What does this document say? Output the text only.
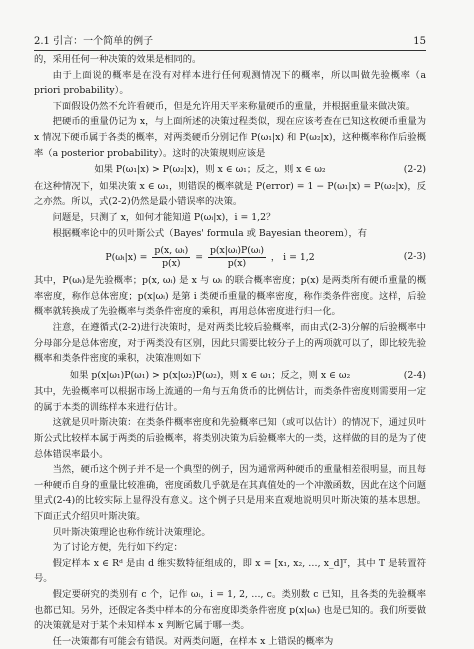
2.1 引言：一个简单的例子	15

的，采用任何一种决策的效果是相同的。

由于上面说的概率是在没有对样本进行任何观测情况下的概率，所以叫做先验概率（a priori probability）。

下面假设仍然不允许看硬币，但是允许用天平来称量硬币的重量，并根据重量来做决策。

把硬币的重量仍记为 x，与上面所述的决策过程类似，现在应该考查在已知这枚硬币重量为 x 情况下硬币属于各类的概率，对两类硬币分别记作 P(ω₁|x) 和 P(ω₂|x)，这种概率称作后验概率（a posterior probability）。这时的决策规则应该是

如果 P(ω₁|x) > P(ω₂|x)，则 x ∈ ω₁；反之，则 x ∈ ω₂	(2-2)

在这种情况下，如果决策 x ∈ ω₁，则错误的概率就是 P(error) = 1 − P(ω₁|x) = P(ω₂|x)，反之亦然。所以，式(2-2)仍然是最小错误率的决策。

问题是，只测了 x，如何才能知道 P(ωᵢ|x)，i = 1,2？

根据概率论中的贝叶斯公式（Bayes' formula 或 Bayesian theorem），有

P(ωᵢ|x) = $\frac{\text{p(x, ωᵢ)}}{p(x)} = \frac{\text{p(x|ωᵢ)P(ωᵢ)}}{p(x)}$ ， i = 1,2	(2-3)

其中，P(ωᵢ)是先验概率；p(x, ωᵢ) 是 x 与 ωᵢ 的联合概率密度；p(x) 是两类所有硬币重量的概率密度，称作总体密度；p(x|ωᵢ) 是第 i 类硬币重量的概率密度，称作类条件密度。这样，后验概率就转换成了先验概率与类条件密度的乘积，再用总体密度进行归一化。

注意，在遵循式(2-2)进行决策时，是对两类比较后验概率，而由式(2-3)分解的后验概率中分母部分是总体密度，对于两类没有区别，因此只需要比较分子上的两项就可以了，即比较先验概率和类条件密度的乘积，决策准则如下

如果 p(x|ω₁)P(ω₁) > p(x|ω₂)P(ω₂)，则 x ∈ ω₁；反之，则 x ∈ ω₂	(2-4)

其中，先验概率可以根据市场上流通的一角与五角货币的比例估计，而类条件密度则需要用一定的属于本类的训练样本来进行估计。

这就是贝叶斯决策：在类条件概率密度和先验概率已知（或可以估计）的情况下，通过贝叶斯公式比较样本属于两类的后验概率，将类别决策为后验概率大的一类，这样做的目的是为了使总体错误率最小。

当然，硬币这个例子并不是一个典型的例子，因为通常两种硬币的重量相差很明显，而且每一种硬币自身的重量比较准确，密度函数几乎就是在其真值处的一个冲激函数，因此在这个问题里式(2-4)的比较实际上显得没有意义。这个例子只是用来直观地说明贝叶斯决策的基本思想。下面正式介绍贝叶斯决策。

贝叶斯决策理论也称作统计决策理论。

为了讨论方便，先行如下约定：

假定样本 x ∈ Rᵈ 是由 d 维实数特征组成的，即 x = [x₁, x₂, …, x_d]ᵀ，其中 T 是转置符号。

假定要研究的类别有 c 个，记作 ωᵢ，i = 1, 2, …, c。类别数 c 已知，且各类的先验概率也都已知。另外，还假定各类中样本的分布密度即类条件密度 p(x|ωᵢ) 也是已知的。我们所要做的决策就是对于某个未知样本 x 判断它属于哪一类。

任一决策都有可能会有错误。对两类问题，在样本 x 上错误的概率为
